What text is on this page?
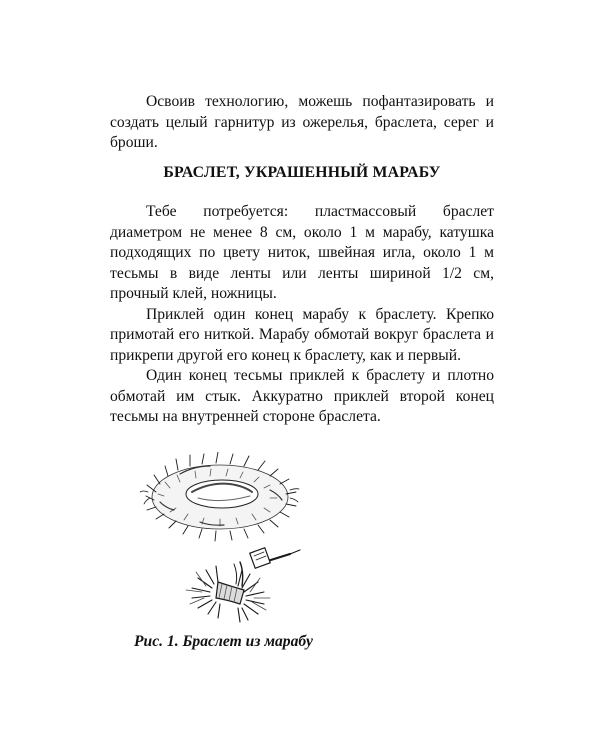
Освоив технологию, можешь пофантазировать и создать целый гарнитур из ожерелья, браслета, серег и броши.

БРАСЛЕТ, УКРАШЕННЫЙ МАРАБУ

Тебе потребуется: пластмассовый браслет диаметром не менее 8 см, около 1 м марабу, катушка подходящих по цвету ниток, швейная игла, около 1 м тесьмы в виде ленты или ленты шириной 1/2 см, прочный клей, ножницы.

Приклей один конец марабу к браслету. Крепко примотай его ниткой. Марабу обмотай вокруг браслета и прикрепи другой его конец к браслету, как и первый.

Один конец тесьмы приклей к браслету и плотно обмотай им стык. Аккуратно приклей второй конец тесьмы на внутренней стороне браслета.

Рис. 1. Браслет из марабу
